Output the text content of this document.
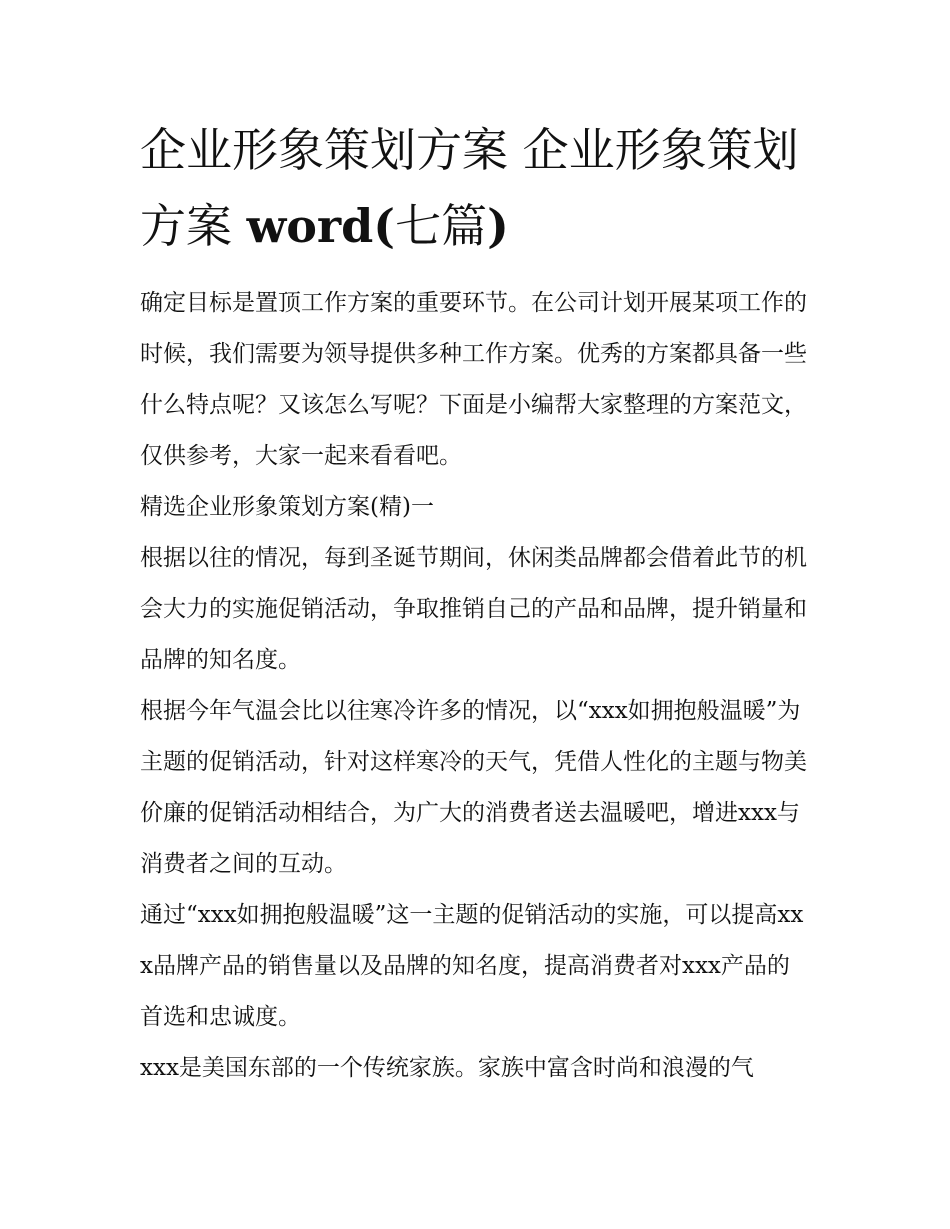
企业形象策划方案 企业形象策划方案 word(七篇)

确定目标是置顶工作方案的重要环节。在公司计划开展某项工作的时候，我们需要为领导提供多种工作方案。优秀的方案都具备一些什么特点呢？又该怎么写呢？下面是小编帮大家整理的方案范文，仅供参考，大家一起来看看吧。

精选企业形象策划方案(精)一

根据以往的情况，每到圣诞节期间，休闲类品牌都会借着此节的机会大力的实施促销活动，争取推销自己的产品和品牌，提升销量和品牌的知名度。

根据今年气温会比以往寒冷许多的情况，以“xxx如拥抱般温暖”为主题的促销活动，针对这样寒冷的天气，凭借人性化的主题与物美价廉的促销活动相结合，为广大的消费者送去温暖吧，增进xxx与消费者之间的互动。

通过“xxx如拥抱般温暖”这一主题的促销活动的实施，可以提高xxx品牌产品的销售量以及品牌的知名度，提高消费者对xxx产品的首选和忠诚度。

xxx是美国东部的一个传统家族。家族中富含时尚和浪漫的气
